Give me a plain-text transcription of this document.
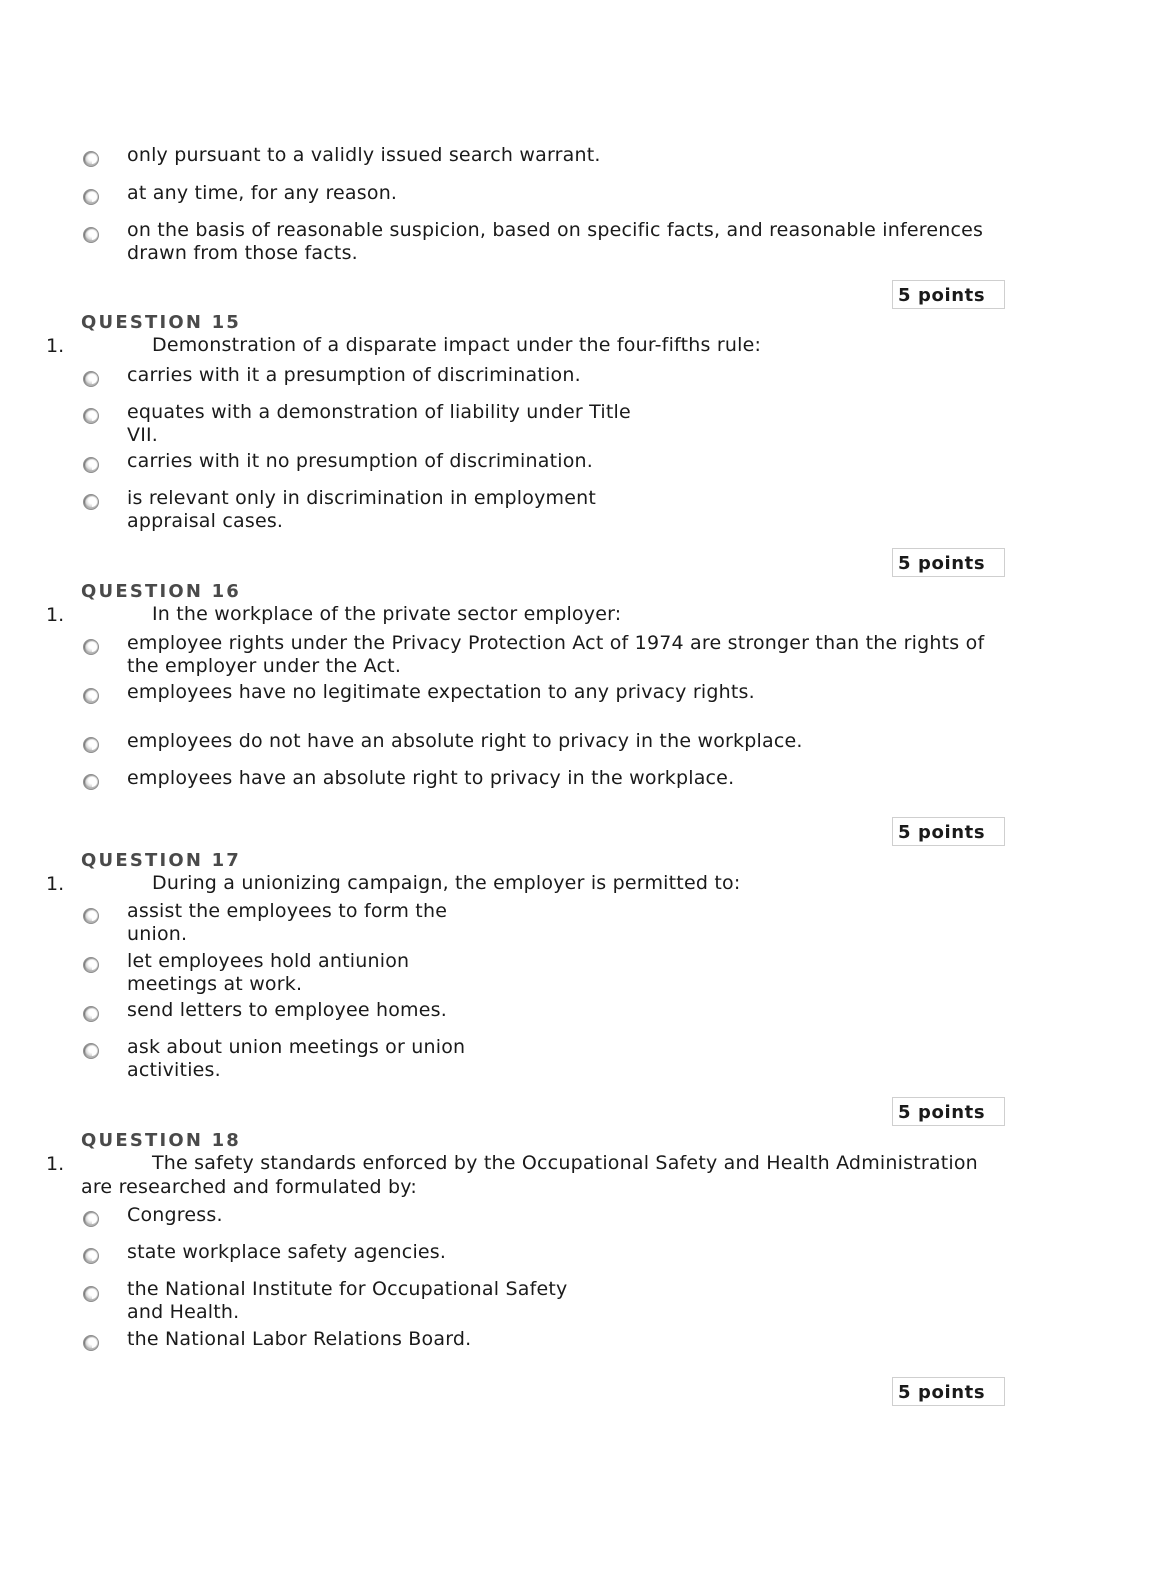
only pursuant to a validly issued search warrant.
at any time, for any reason.
on the basis of reasonable suspicion, based on specific facts, and reasonable inferences drawn from those facts.
5 points
QUESTION 15
1.	Demonstration of a disparate impact under the four-fifths rule:
carries with it a presumption of discrimination.
equates with a demonstration of liability under Title VII.
carries with it no presumption of discrimination.
is relevant only in discrimination in employment appraisal cases.
5 points
QUESTION 16
1.	In the workplace of the private sector employer:
employee rights under the Privacy Protection Act of 1974 are stronger than the rights of the employer under the Act.
employees have no legitimate expectation to any privacy rights.
employees do not have an absolute right to privacy in the workplace.
employees have an absolute right to privacy in the workplace.
5 points
QUESTION 17
1.	During a unionizing campaign, the employer is permitted to:
assist the employees to form the union.
let employees hold antiunion meetings at work.
send letters to employee homes.
ask about union meetings or union activities.
5 points
QUESTION 18
1.	The safety standards enforced by the Occupational Safety and Health Administration
are researched and formulated by:
Congress.
state workplace safety agencies.
the National Institute for Occupational Safety and Health.
the National Labor Relations Board.
5 points
